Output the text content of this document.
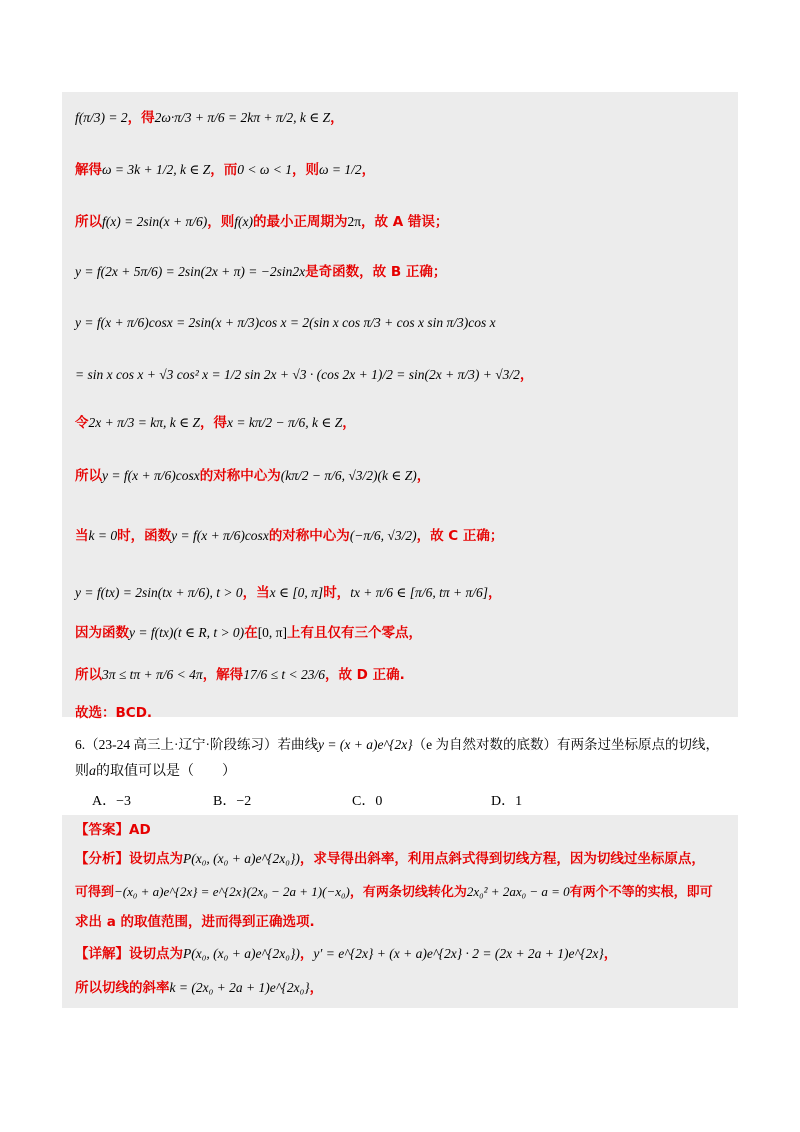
f(π/3) = 2，得2ω·π/3 + π/6 = 2kπ + π/2, k ∈ Z，
解得ω = 3k + 1/2, k ∈ Z，而0 < ω < 1，则ω = 1/2，
所以f(x) = 2sin(x + π/6)，则f(x)的最小正周期为2π，故 A 错误；
y = f(2x + 5π/6) = 2sin(2x + π) = −2sin2x是奇函数，故 B 正确；
y = f(x + π/6)cosx = 2sin(x + π/3)cos x = 2(sin x cos π/3 + cos x sin π/3)cos x
= sin x cos x + √3 cos² x = 1/2 sin 2x + √3 · (cos 2x + 1)/2 = sin(2x + π/3) + √3/2，
令2x + π/3 = kπ, k ∈ Z，得x = kπ/2 − π/6, k ∈ Z，
所以y = f(x + π/6)cosx的对称中心为(kπ/2 − π/6, √3/2)(k ∈ Z)，
当k = 0时，函数y = f(x + π/6)cosx的对称中心为(−π/6, √3/2)，故 C 正确；
y = f(tx) = 2sin(tx + π/6), t > 0，当x ∈ [0, π]时，tx + π/6 ∈ [π/6, tπ + π/6]，
因为函数y = f(tx)(t ∈ R, t > 0)在[0, π]上有且仅有三个零点，
所以3π ≤ tπ + π/6 < 4π，解得17/6 ≤ t < 23/6，故 D 正确.
故选：BCD.
6.（23-24 高三上·辽宁·阶段练习）若曲线y = (x + a)e^{2x}（e 为自然对数的底数）有两条过坐标原点的切线，
则a的取值可以是（　　）
A．−3	B．−2	C．0	D．1
【答案】AD
【分析】设切点为P(x₀, (x₀ + a)e^{2x₀})，求导得出斜率，利用点斜式得到切线方程，因为切线过坐标原点，
可得到−(x₀ + a)e^{2x} = e^{2x}(2x₀ − 2a + 1)(−x₀)，有两条切线转化为2x₀² + 2ax₀ − a = 0有两个不等的实根，即可
求出 a 的取值范围，进而得到正确选项.
【详解】设切点为P(x₀, (x₀ + a)e^{2x₀})，y′ = e^{2x} + (x + a)e^{2x} · 2 = (2x + 2a + 1)e^{2x}，
所以切线的斜率k = (2x₀ + 2a + 1)e^{2x₀}，
